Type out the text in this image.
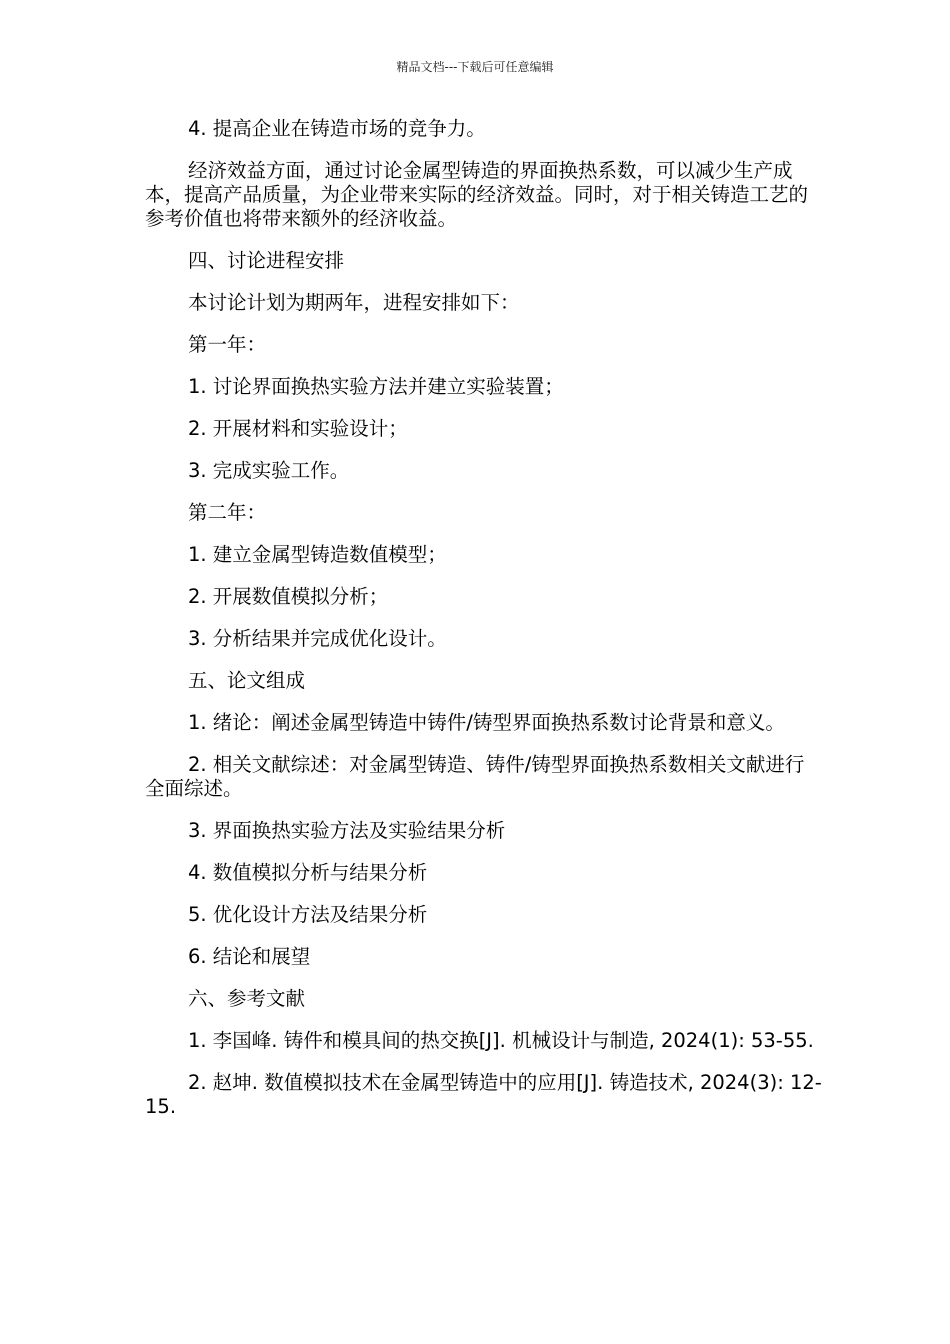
精品文档---下载后可任意编辑

4. 提高企业在铸造市场的竞争力。

经济效益方面，通过讨论金属型铸造的界面换热系数，可以减少生产成本，提高产品质量，为企业带来实际的经济效益。同时，对于相关铸造工艺的参考价值也将带来额外的经济收益。

四、讨论进程安排

本讨论计划为期两年，进程安排如下：

第一年：

1. 讨论界面换热实验方法并建立实验装置；

2. 开展材料和实验设计；

3. 完成实验工作。

第二年：

1. 建立金属型铸造数值模型；

2. 开展数值模拟分析；

3. 分析结果并完成优化设计。

五、论文组成

1. 绪论：阐述金属型铸造中铸件/铸型界面换热系数讨论背景和意义。

2. 相关文献综述：对金属型铸造、铸件/铸型界面换热系数相关文献进行全面综述。

3. 界面换热实验方法及实验结果分析

4. 数值模拟分析与结果分析

5. 优化设计方法及结果分析

6. 结论和展望

六、参考文献

1. 李国峰. 铸件和模具间的热交换[J]. 机械设计与制造, 2024(1): 53-55.

2. 赵坤. 数值模拟技术在金属型铸造中的应用[J]. 铸造技术, 2024(3): 12-15.
